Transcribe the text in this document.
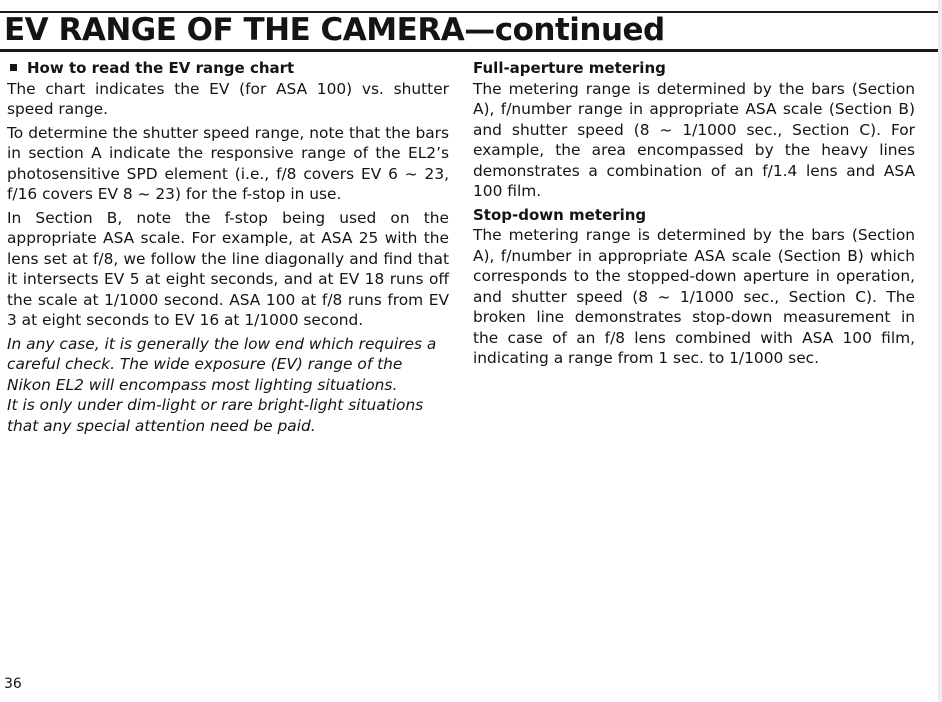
EV RANGE OF THE CAMERA—continued
How to read the EV range chart

The chart indicates the EV (for ASA 100) vs. shutter speed range.

To determine the shutter speed range, note that the bars in section A indicate the responsive range of the EL2’s photosensitive SPD element (i.e., f/8 covers EV 6 ~ 23, f/16 covers EV 8 ~ 23) for the f-stop in use.

In Section B, note the f-stop being used on the appropriate ASA scale. For example, at ASA 25 with the lens set at f/8, we follow the line diagonally and find that it intersects EV 5 at eight seconds, and at EV 18 runs off the scale at 1/1000 second. ASA 100 at f/8 runs from EV 3 at eight seconds to EV 16 at 1/1000 second.

In any case, it is generally the low end which requires a careful check. The wide exposure (EV) range of the Nikon EL2 will encompass most lighting situations.

It is only under dim-light or rare bright-light situations that any special attention need be paid.

Full-aperture metering

The metering range is determined by the bars (Section A), f/number range in appropriate ASA scale (Section B) and shutter speed (8 ~ 1/1000 sec., Section C). For example, the area encompassed by the heavy lines demonstrates a combination of an f/1.4 lens and ASA 100 film.

Stop-down metering

The metering range is determined by the bars (Section A), f/number in appropriate ASA scale (Section B) which corresponds to the stopped-down aperture in operation, and shutter speed (8 ~ 1/1000 sec., Section C). The broken line demonstrates stop-down measurement in the case of an f/8 lens combined with ASA 100 film, indicating a range from 1 sec. to 1/1000 sec.

36
